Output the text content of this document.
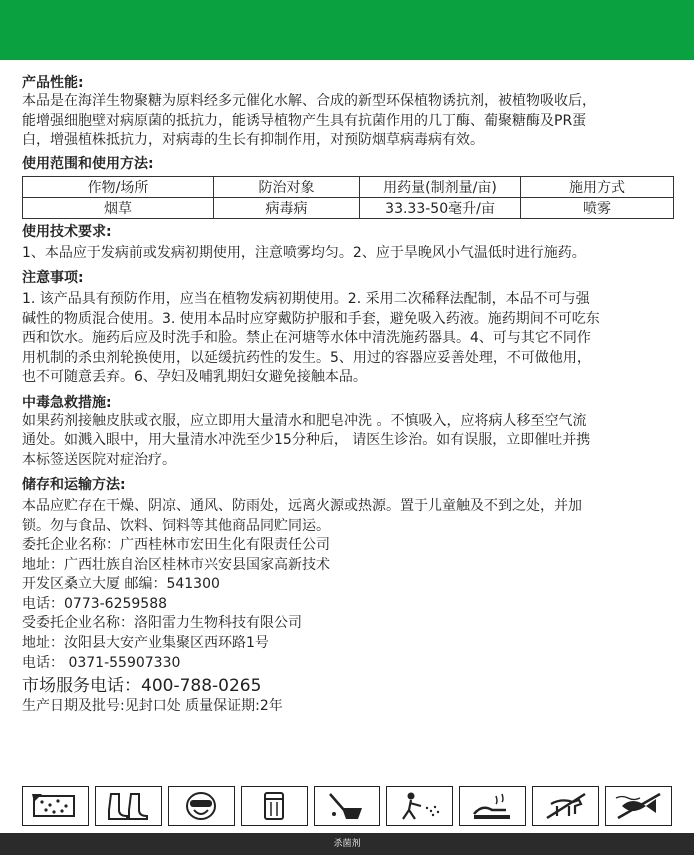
产品性能:

本品是在海洋生物聚糖为原料经多元催化水解、合成的新型环保植物诱抗剂，被植物吸收后，

能增强细胞壁对病原菌的抵抗力，能诱导植物产生具有抗菌作用的几丁酶、葡聚糖酶及PR蛋

白，增强植株抵抗力，对病毒的生长有抑制作用，对预防烟草病毒病有效。

使用范围和使用方法:

作物/场所	防治对象	用药量(制剂量/亩)	施用方式
烟草	病毒病	33.33-50毫升/亩	喷雾

使用技术要求:

1、本品应于发病前或发病初期使用，注意喷雾均匀。2、应于旱晚风小气温低时进行施药。

注意事项:

1. 该产品具有预防作用，应当在植物发病初期使用。2. 采用二次稀释法配制，本品不可与强

碱性的物质混合使用。3. 使用本品时应穿戴防护服和手套，避免吸入药液。施药期间不可吃东

西和饮水。施药后应及时洗手和脸。禁止在河塘等水体中清洗施药器具。4、可与其它不同作

用机制的杀虫剂轮换使用，以延缓抗药性的发生。5、用过的容器应妥善处理，不可做他用，

也不可随意丢弃。6、孕妇及哺乳期妇女避免接触本品。

中毒急救措施:

如果药剂接触皮肤或衣服，应立即用大量清水和肥皂冲洗 。不慎吸入，应将病人移至空气流

通处。如溅入眼中，用大量清水冲洗至少15分种后， 请医生诊治。如有误服，立即催吐并携

本标签送医院对症治疗。

储存和运输方法:

本品应贮存在干燥、阴凉、通风、防雨处，远离火源或热源。置于儿童触及不到之处，并加

锁。勿与食品、饮料、饲料等其他商品同贮同运。

委托企业名称：广西桂林市宏田生化有限责任公司

地址：广西壮族自治区桂林市兴安县国家高新技术

开发区桑立大厦 邮编：541300

电话：0773-6259588

受委托企业名称：洛阳雷力生物科技有限公司

地址：汝阳县大安产业集聚区西环路1号

电话： 0371-55907330

市场服务电话：400-788-0265

生产日期及批号:见封口处 质量保证期:2年

杀菌剂
